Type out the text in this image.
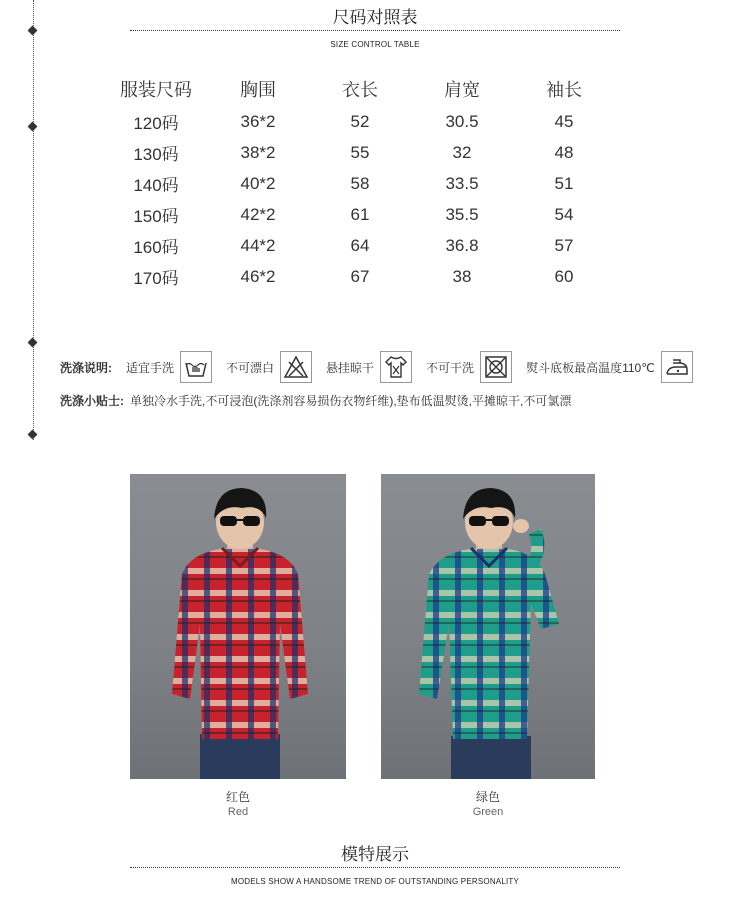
尺码对照表
SIZE CONTROL TABLE
服装尺码	胸围	衣长	肩宽	袖长
120码	36*2	52	30.5	45
130码	38*2	55	32	48
140码	40*2	58	33.5	51
150码	42*2	61	35.5	54
160码	44*2	64	36.8	57
170码	46*2	67	38	60
洗涤说明: 适宜手洗	不可漂白	悬挂晾干	不可干洗	熨斗底板最高温度110℃
洗涤小贴士: 单独冷水手洗,不可浸泡(洗涤剂容易损伤衣物纤维),垫布低温熨烫,平摊晾干,不可氯漂
红色
Red
绿色
Green
模特展示
MODELS SHOW A HANDSOME TREND OF OUTSTANDING PERSONALITY
